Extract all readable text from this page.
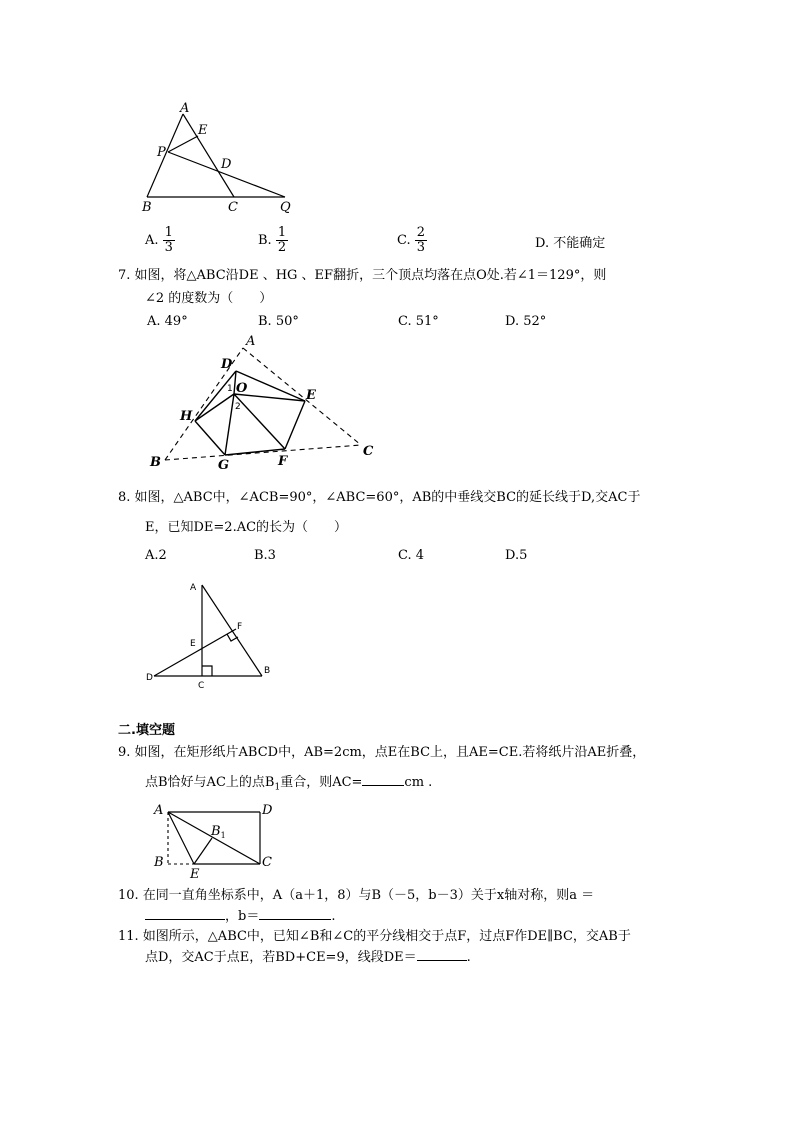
A
E
P
D
B	C	Q
A. $\frac{1}{3}$	B. $\frac{1}{2}$	C. $\frac{2}{3}$	D. 不能确定
7. 如图，将△ABC沿DE 、HG 、EF翻折，三个顶点均落在点O处.若∠1＝129°，则
∠2 的度数为（　　）
A. 49°	B. 50°	C. 51°	D. 52°
A
D
O
1
2
E
H
B	G	F
C
8. 如图，△ABC中，∠ACB=90°，∠ABC=60°，AB的中垂线交BC的延长线于D,交AC于
E，已知DE=2.AC的长为（　　）
A.2	B.3	C. 4	D.5
A
F
E
D
C
B
二.填空题
9. 如图，在矩形纸片ABCD中，AB=2cm，点E在BC上，且AE=CE.若将纸片沿AE折叠，
点B恰好与AC上的点$B_1$重合，则AC=	cm .
A	D
$B_1$
B
E
C
10. 在同一直角坐标系中，A（a＋1，8）与B（－5，b－3）关于x轴对称，则a ＝
，b＝	.
11. 如图所示，△ABC中，已知∠B和∠C的平分线相交于点F，过点F作DE∥BC，交AB于
点D，交AC于点E，若BD+CE=9，线段DE＝	.
